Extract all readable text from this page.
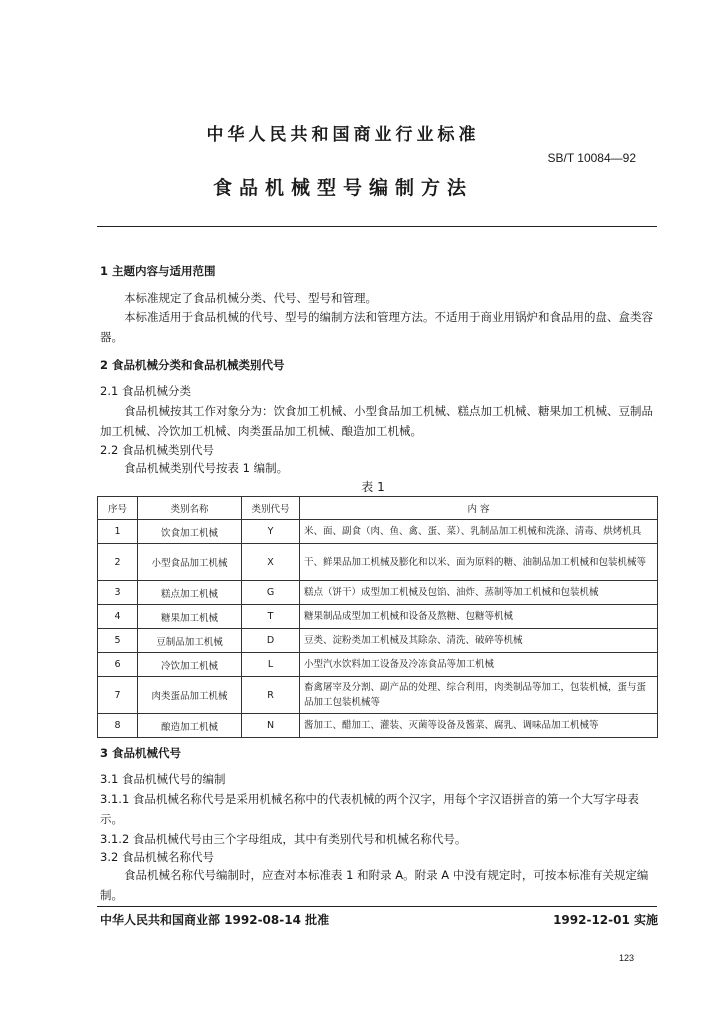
中华人民共和国商业行业标准
SB/T 10084—92
食品机械型号编制方法
1 主题内容与适用范围
本标准规定了食品机械分类、代号、型号和管理。
本标准适用于食品机械的代号、型号的编制方法和管理方法。不适用于商业用锅炉和食品用的盘、盒类容器。
2 食品机械分类和食品机械类别代号
2.1 食品机械分类
食品机械按其工作对象分为：饮食加工机械、小型食品加工机械、糕点加工机械、糖果加工机械、豆制品加工机械、冷饮加工机械、肉类蛋品加工机械、酿造加工机械。
2.2 食品机械类别代号
食品机械类别代号按表 1 编制。
表 1
序号	类别名称	类别代号	内 容
1	饮食加工机械	Y	米、面、副食（肉、鱼、禽、蛋、菜）、乳制品加工机械和洗涤、清毒、烘烤机具
2	小型食品加工机械	X	干、鲜果品加工机械及膨化和以米、面为原料的糖、油制品加工机械和包装机械等
3	糕点加工机械	G	糕点（饼干）成型加工机械及包馅、油炸、蒸制等加工机械和包装机械
4	糖果加工机械	T	糖果制品成型加工机械和设备及熬糖、包糖等机械
5	豆制品加工机械	D	豆类、淀粉类加工机械及其除杂、清洗、破碎等机械
6	冷饮加工机械	L	小型汽水饮料加工设备及冷冻食品等加工机械
7	肉类蛋品加工机械	R	畜禽屠宰及分割、副产品的处理、综合利用，肉类制品等加工，包装机械，蛋与蛋品加工包装机械等
8	酿造加工机械	N	酱加工、醋加工、灌装、灭菌等设备及酱菜、腐乳、调味品加工机械等
3 食品机械代号
3.1 食品机械代号的编制
3.1.1 食品机械名称代号是采用机械名称中的代表机械的两个汉字，用每个字汉语拼音的第一个大写字母表示。
3.1.2 食品机械代号由三个字母组成，其中有类别代号和机械名称代号。
3.2 食品机械名称代号
食品机械名称代号编制时，应查对本标准表 1 和附录 A。附录 A 中没有规定时，可按本标准有关规定编制。
中华人民共和国商业部 1992-08-14 批准	1992-12-01 实施
123
